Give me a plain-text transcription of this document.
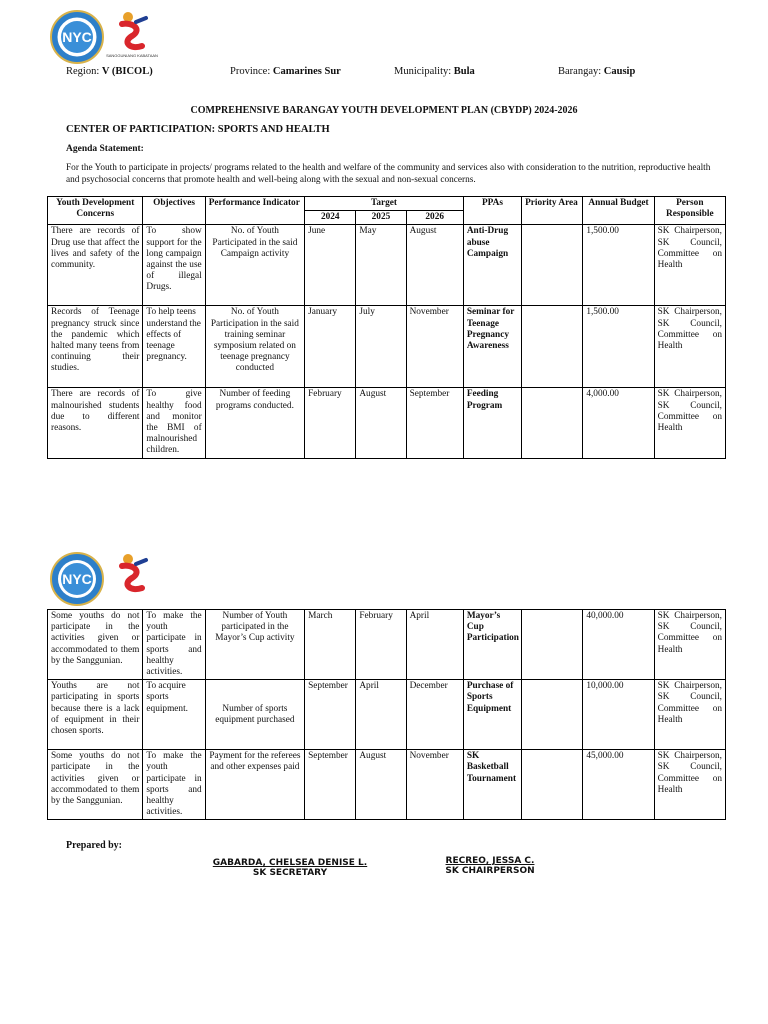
NYC
SANGGUNIANG KABATAAN
Region: V (BICOL)	Province: Camarines Sur	Municipality: Bula	Barangay: Causip
COMPREHENSIVE BARANGAY YOUTH DEVELOPMENT PLAN (CBYDP) 2024-2026
CENTER OF PARTICIPATION: SPORTS AND HEALTH
Agenda Statement:
For the Youth to participate in projects/ programs related to the health and welfare of the community and services also with consideration to the nutrition, reproductive health and psychosocial concerns that promote health and well-being along with the sexual and non-sexual concerns.
Youth Development Concerns	Objectives	Performance Indicator	Target			PPAs	Priority Area	Annual Budget	Person Responsible
			2024	2025	2026				
There are records of Drug use that affect the lives and safety of the community.	To show support for the long campaign against the use of illegal Drugs.	No. of Youth Participated in the said Campaign activity	June	May	August	Anti-Drug abuse Campaign		1,500.00	SK Chairperson, SK Council, Committee on Health
Records of Teenage pregnancy struck since the pandemic which halted many teens from continuing their studies.	To help teens understand the effects of teenage pregnancy.	No. of Youth Participation in the said training seminar symposium related on teenage pregnancy conducted	January	July	November	Seminar for Teenage Pregnancy Awareness		1,500.00	SK Chairperson, SK Council, Committee on Health
There are records of malnourished students due to different reasons.	To give healthy food and monitor the BMI of malnourished children.	Number of feeding programs conducted.	February	August	September	Feeding Program		4,000.00	SK Chairperson, SK Council, Committee on Health
NYC
Some youths do not participate in the activities given or accommodated to them by the Sanggunian.	To make the youth participate in sports and healthy activities.	Number of Youth participated in the Mayor’s Cup activity	March	February	April	Mayor’s Cup Participation		40,000.00	SK Chairperson, SK Council, Committee on Health
Youths are not participating in sports because there is a lack of equipment in their chosen sports.	To acquire sports equipment.	Number of sports equipment purchased	September	April	December	Purchase of Sports Equipment		10,000.00	SK Chairperson, SK Council, Committee on Health
Some youths do not participate in the activities given or accommodated to them by the Sanggunian.	To make the youth participate in sports and healthy activities.	Payment for the referees and other expenses paid	September	August	November	SK Basketball Tournament		45,000.00	SK Chairperson, SK Council, Committee on Health
Prepared by:
GABARDA, CHELSEA DENISE L.
SK SECRETARY
RECREO, JESSA C.
SK CHAIRPERSON
